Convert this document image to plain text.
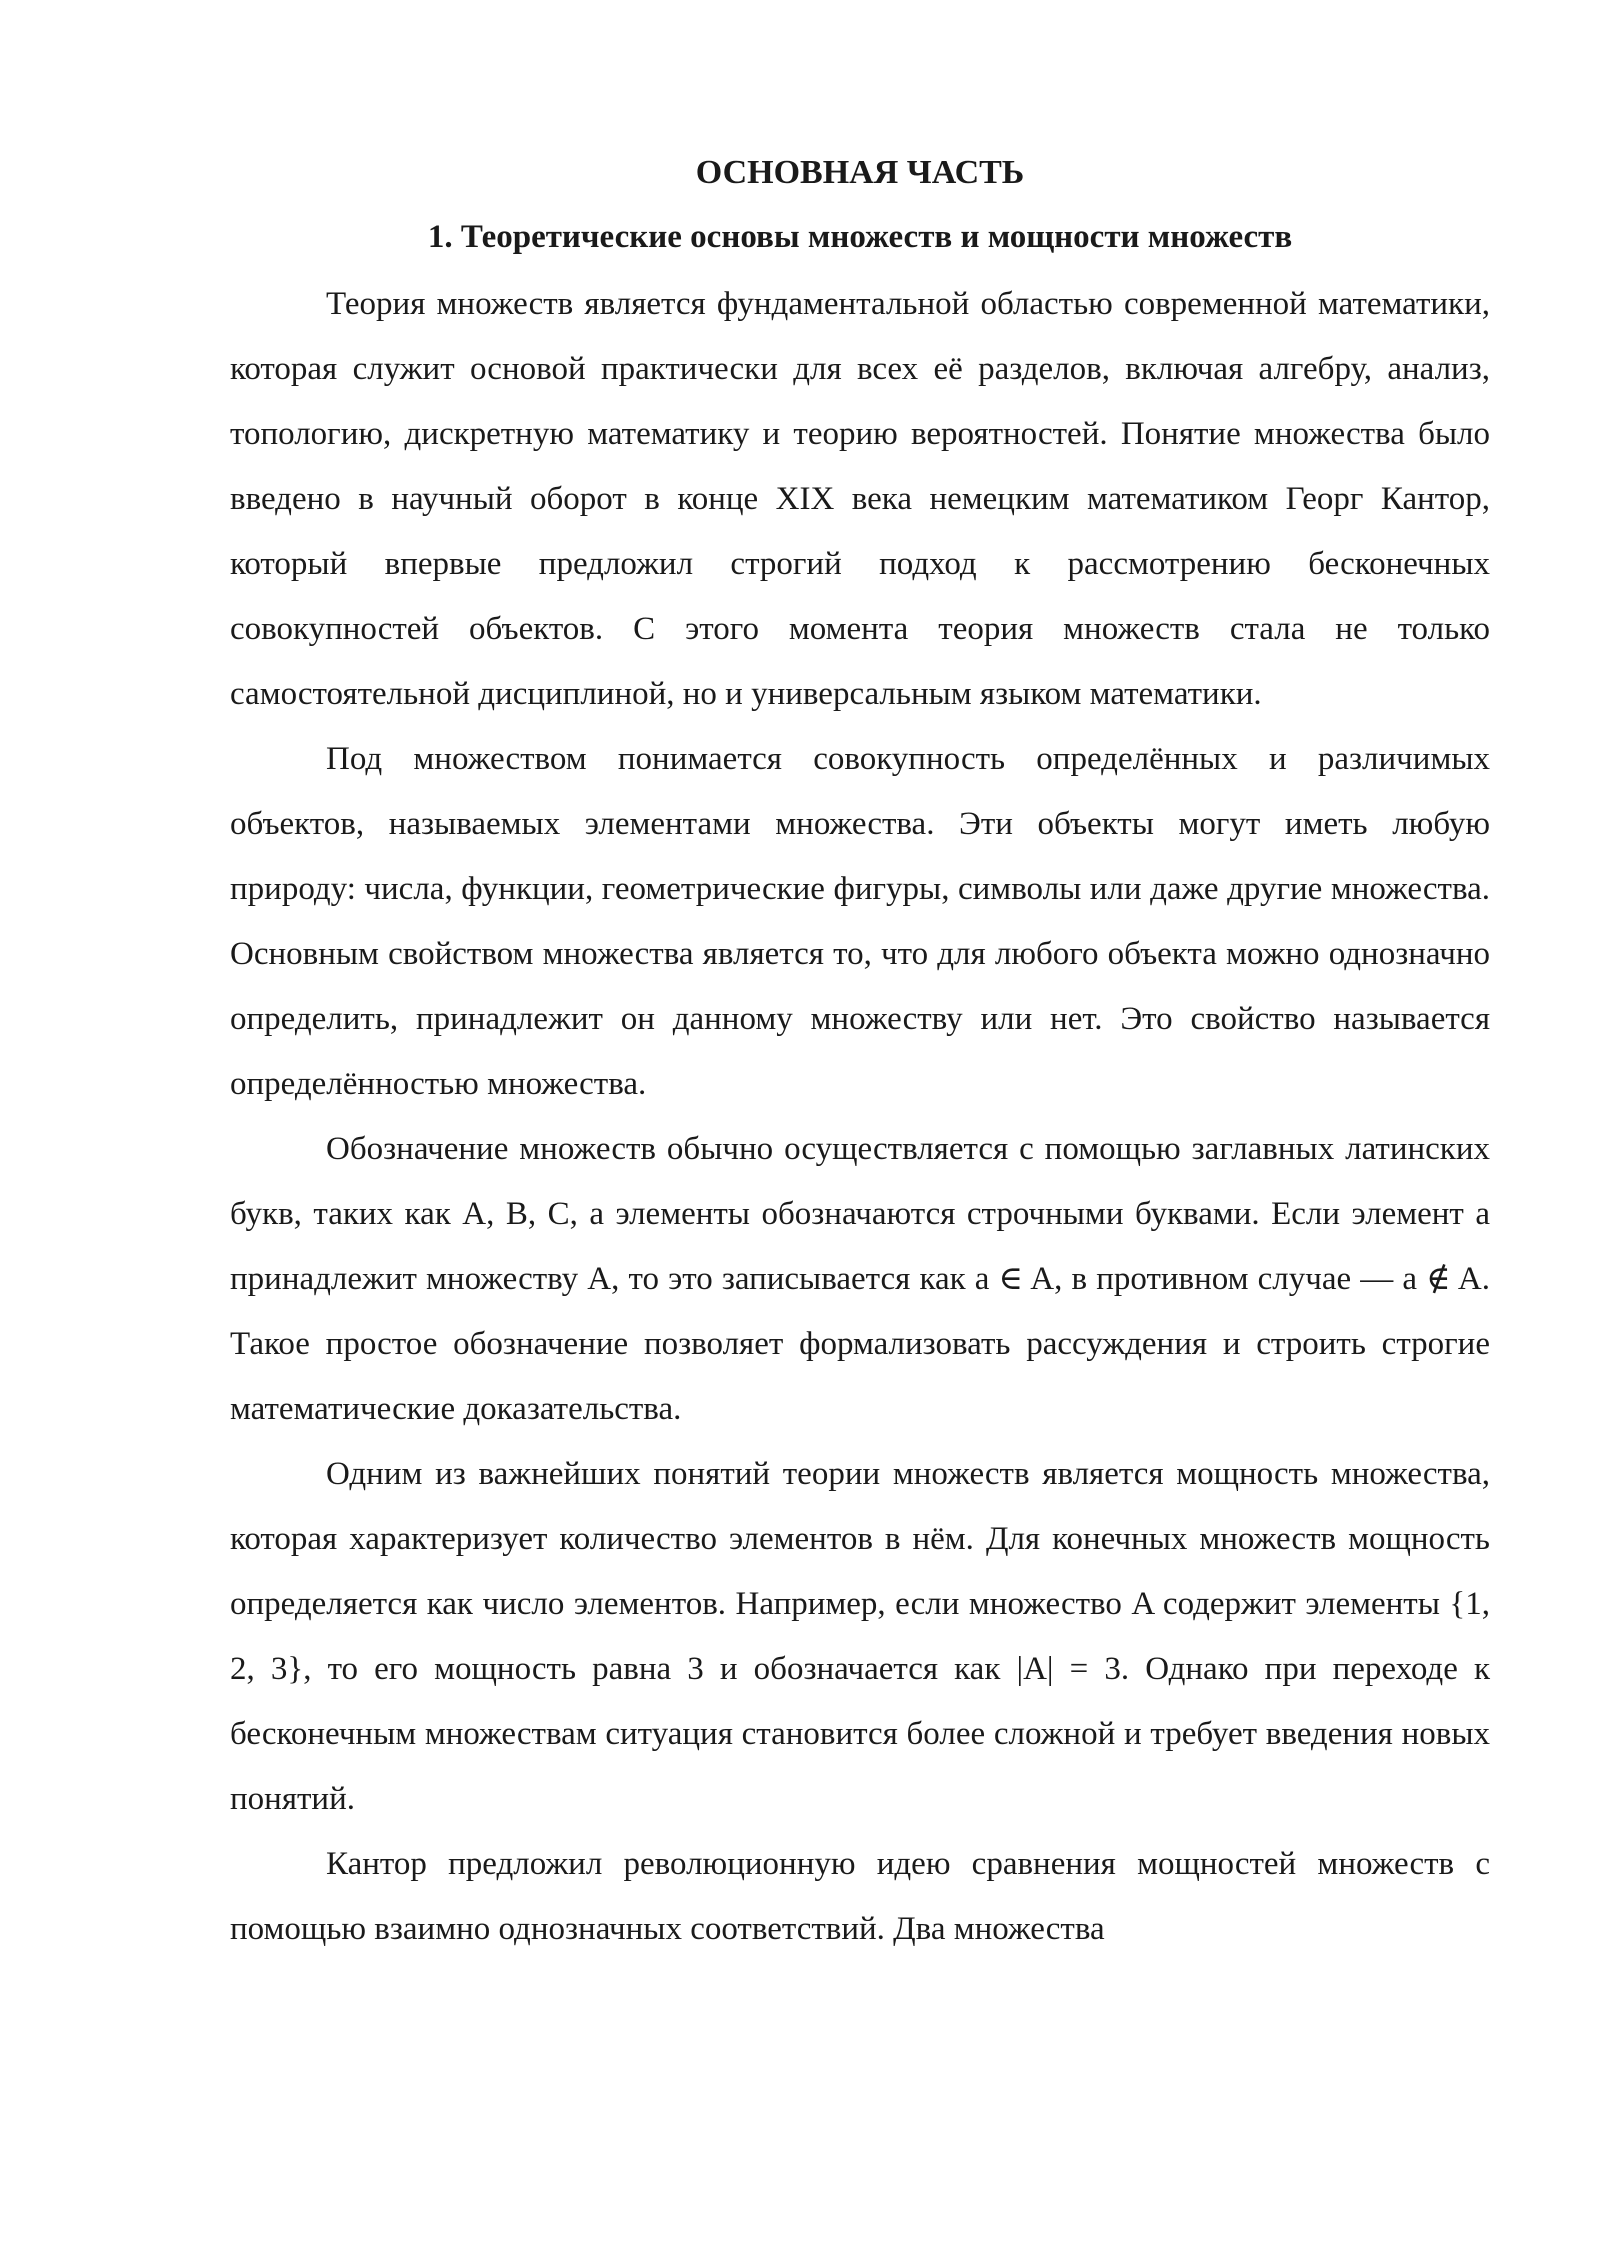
ОСНОВНАЯ ЧАСТЬ
1. Теоретические основы множеств и мощности множеств

Теория множеств является фундаментальной областью современной математики, которая служит основой практически для всех её разделов, включая алгебру, анализ, топологию, дискретную математику и теорию вероятностей. Понятие множества было введено в научный оборот в конце XIX века немецким математиком Георг Кантор, который впервые предложил строгий подход к рассмотрению бесконечных совокупностей объектов. С этого момента теория множеств стала не только самостоятельной дисциплиной, но и универсальным языком математики.

Под множеством понимается совокупность определённых и различимых объектов, называемых элементами множества. Эти объекты могут иметь любую природу: числа, функции, геометрические фигуры, символы или даже другие множества. Основным свойством множества является то, что для любого объекта можно однозначно определить, принадлежит он данному множеству или нет. Это свойство называется определённостью множества.

Обозначение множеств обычно осуществляется с помощью заглавных латинских букв, таких как A, B, C, а элементы обозначаются строчными буквами. Если элемент a принадлежит множеству A, то это записывается как a ∈ A, в противном случае — a ∉ A. Такое простое обозначение позволяет формализовать рассуждения и строить строгие математические доказательства.

Одним из важнейших понятий теории множеств является мощность множества, которая характеризует количество элементов в нём. Для конечных множеств мощность определяется как число элементов. Например, если множество A содержит элементы {1, 2, 3}, то его мощность равна 3 и обозначается как |A| = 3. Однако при переходе к бесконечным множествам ситуация становится более сложной и требует введения новых понятий.

Кантор предложил революционную идею сравнения мощностей множеств с помощью взаимно однозначных соответствий. Два множества
